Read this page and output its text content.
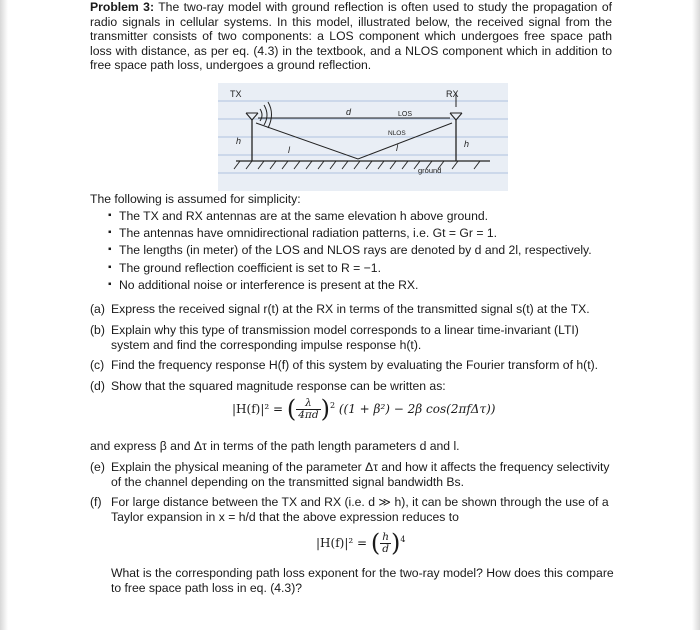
Problem 3: The two-ray model with ground reflection is often used to study the propagation of radio signals in cellular systems. In this model, illustrated below, the received signal from the transmitter consists of two components: a LOS component which undergoes free space path loss with distance, as per eq. (4.3) in the textbook, and a NLOS component which in addition to free space path loss, undergoes a ground reflection.
TX	RX
d	LOS
NLOS
h	h
l	l
ground
The following is assumed for simplicity:
▪ The TX and RX antennas are at the same elevation h above ground.
▪ The antennas have omnidirectional radiation patterns, i.e. Gt = Gr = 1.
▪ The lengths (in meter) of the LOS and NLOS rays are denoted by d and 2l, respectively.
▪ The ground reflection coefficient is set to R = −1.
▪ No additional noise or interference is present at the RX.
(a) Express the received signal r(t) at the RX in terms of the transmitted signal s(t) at the TX.
(b) Explain why this type of transmission model corresponds to a linear time-invariant (LTI) system and find the corresponding impulse response h(t).
(c) Find the frequency response H(f) of this system by evaluating the Fourier transform of h(t).
(d) Show that the squared magnitude response can be written as:
|H(f)|² = ( $\frac{\lambda}{4\pi d} )^2$ ((1 + β²) − 2β cos(2πfΔτ))
and express β and Δτ in terms of the path length parameters d and l.
(e) Explain the physical meaning of the parameter Δτ and how it affects the frequency selectivity of the channel depending on the transmitted signal bandwidth Bs.
(f) For large distance between the TX and RX (i.e. d ≫ h), it can be shown through the use of a Taylor expansion in x = h/d that the above expression reduces to
|H(f)|² = ( $\frac{h}{d} )^4$
What is the corresponding path loss exponent for the two-ray model? How does this compare to free space path loss in eq. (4.3)?
